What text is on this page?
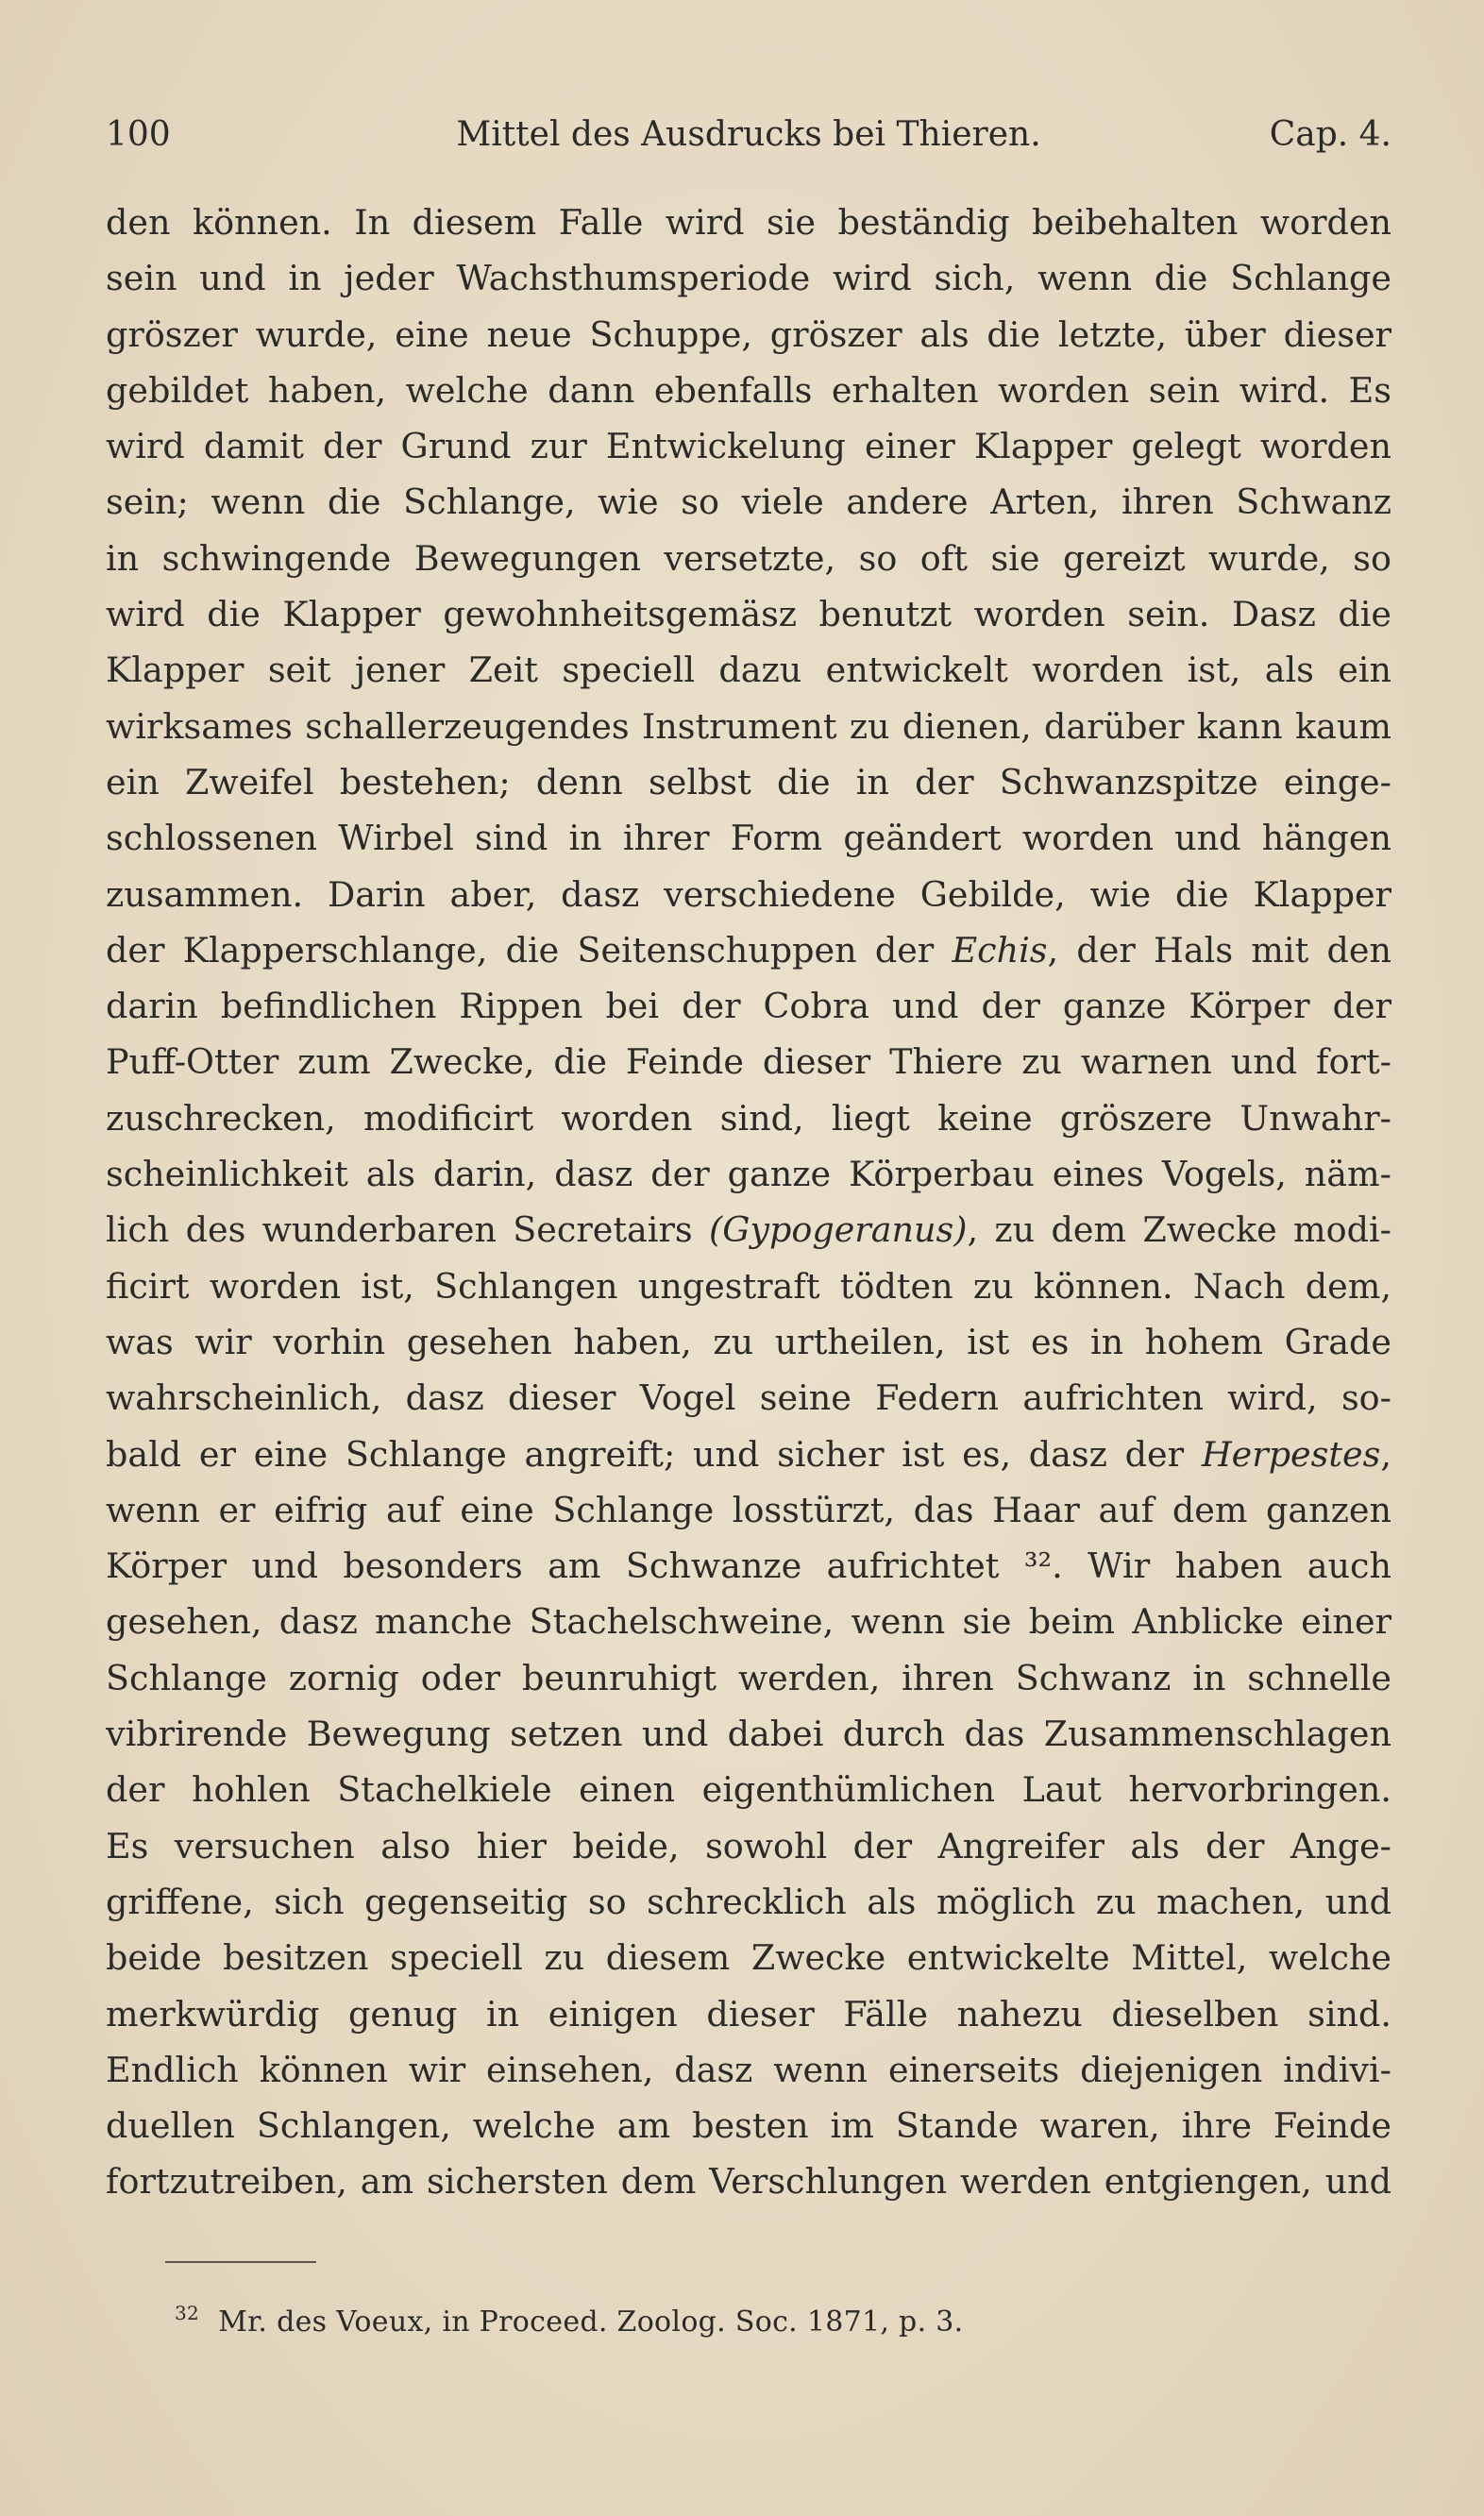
100	Mittel des Ausdrucks bei Thieren.	Cap. 4.
den können. In diesem Falle wird sie beständig beibehalten worden
sein und in jeder Wachsthumsperiode wird sich, wenn die Schlange
gröszer wurde, eine neue Schuppe, gröszer als die letzte, über dieser
gebildet haben, welche dann ebenfalls erhalten worden sein wird. Es
wird damit der Grund zur Entwickelung einer Klapper gelegt worden
sein; wenn die Schlange, wie so viele andere Arten, ihren Schwanz
in schwingende Bewegungen versetzte, so oft sie gereizt wurde, so
wird die Klapper gewohnheitsgemäsz benutzt worden sein. Dasz die
Klapper seit jener Zeit speciell dazu entwickelt worden ist, als ein
wirksames schallerzeugendes Instrument zu dienen, darüber kann kaum
ein Zweifel bestehen; denn selbst die in der Schwanzspitze einge-
schlossenen Wirbel sind in ihrer Form geändert worden und hängen
zusammen. Darin aber, dasz verschiedene Gebilde, wie die Klapper
der Klapperschlange, die Seitenschuppen der Echis, der Hals mit den
darin befindlichen Rippen bei der Cobra und der ganze Körper der
Puff-Otter zum Zwecke, die Feinde dieser Thiere zu warnen und fort-
zuschrecken, modificirt worden sind, liegt keine gröszere Unwahr-
scheinlichkeit als darin, dasz der ganze Körperbau eines Vogels, näm-
lich des wunderbaren Secretairs (Gypogeranus), zu dem Zwecke modi-
ficirt worden ist, Schlangen ungestraft tödten zu können. Nach dem,
was wir vorhin gesehen haben, zu urtheilen, ist es in hohem Grade
wahrscheinlich, dasz dieser Vogel seine Federn aufrichten wird, so-
bald er eine Schlange angreift; und sicher ist es, dasz der Herpestes,
wenn er eifrig auf eine Schlange losstürzt, das Haar auf dem ganzen
Körper und besonders am Schwanze aufrichtet ³². Wir haben auch
gesehen, dasz manche Stachelschweine, wenn sie beim Anblicke einer
Schlange zornig oder beunruhigt werden, ihren Schwanz in schnelle
vibrirende Bewegung setzen und dabei durch das Zusammenschlagen
der hohlen Stachelkiele einen eigenthümlichen Laut hervorbringen.
Es versuchen also hier beide, sowohl der Angreifer als der Ange-
griffene, sich gegenseitig so schrecklich als möglich zu machen, und
beide besitzen speciell zu diesem Zwecke entwickelte Mittel, welche
merkwürdig genug in einigen dieser Fälle nahezu dieselben sind.
Endlich können wir einsehen, dasz wenn einerseits diejenigen indivi-
duellen Schlangen, welche am besten im Stande waren, ihre Feinde
fortzutreiben, am sichersten dem Verschlungen werden entgiengen, und
$^{32}$ Mr. des Voeux, in Proceed. Zoolog. Soc. 1871, p. 3.
